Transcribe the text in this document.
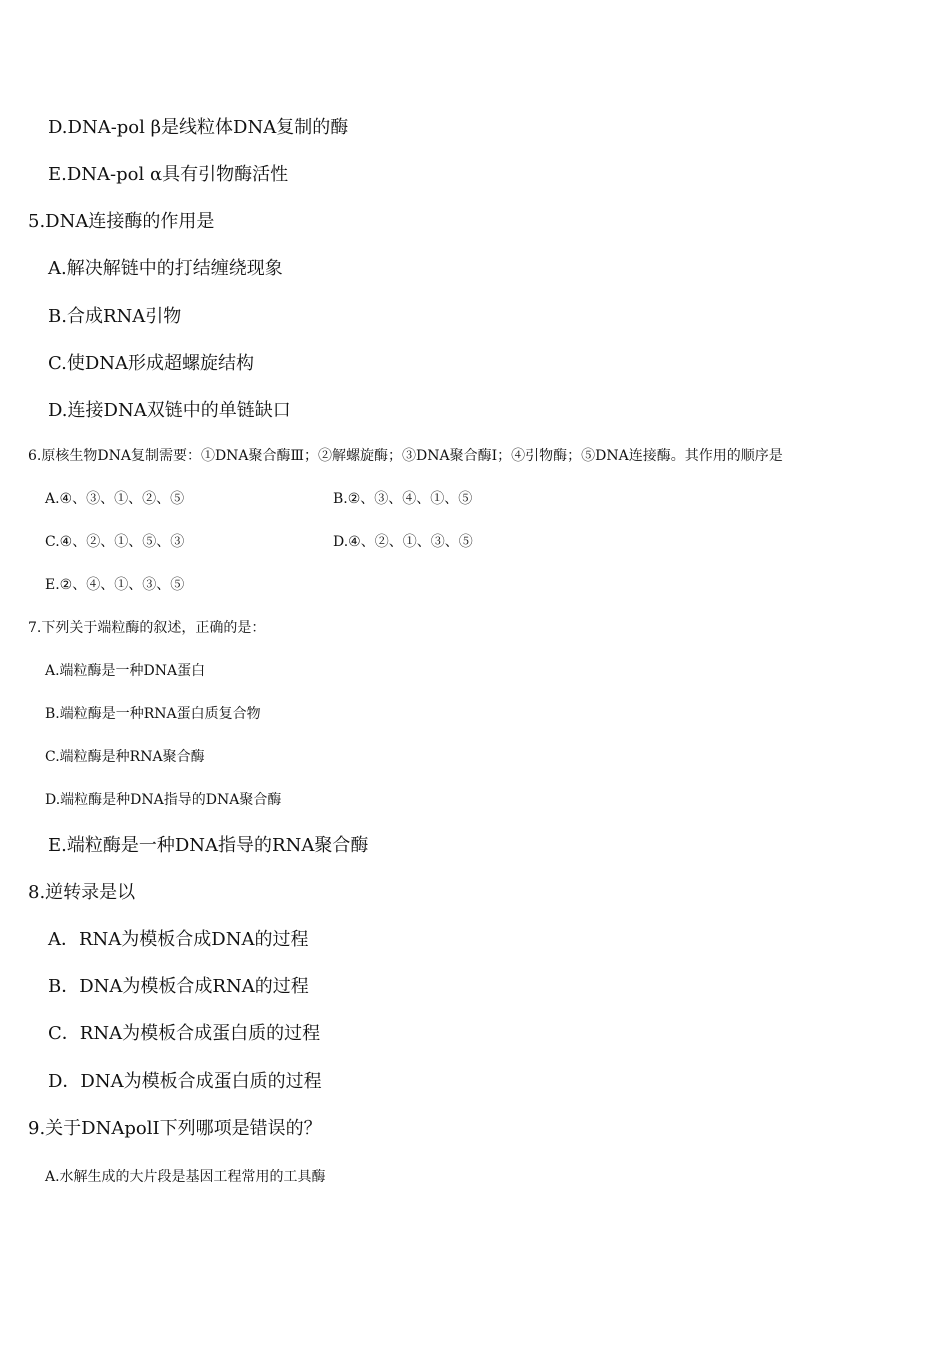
D.DNA-pol β是线粒体DNA复制的酶
E.DNA-pol α具有引物酶活性
5.DNA连接酶的作用是
A.解决解链中的打结缠绕现象
B.合成RNA引物
C.使DNA形成超螺旋结构
D.连接DNA双链中的单链缺口
6.原核生物DNA复制需要：①DNA聚合酶Ⅲ；②解螺旋酶；③DNA聚合酶Ⅰ；④引物酶；⑤DNA连接酶。其作用的顺序是
A.④、③、①、②、⑤	B.②、③、④、①、⑤
C.④、②、①、⑤、③	D.④、②、①、③、⑤
E.②、④、①、③、⑤
7.下列关于端粒酶的叙述，正确的是：
A.端粒酶是一种DNA蛋白
B.端粒酶是一种RNA蛋白质复合物
C.端粒酶是种RNA聚合酶
D.端粒酶是种DNA指导的DNA聚合酶
E.端粒酶是一种DNA指导的RNA聚合酶
8.逆转录是以
A．RNA为模板合成DNA的过程
B．DNA为模板合成RNA的过程
C．RNA为模板合成蛋白质的过程
D．DNA为模板合成蛋白质的过程
9.关于DNApolⅠ下列哪项是错误的？
A.水解生成的大片段是基因工程常用的工具酶
